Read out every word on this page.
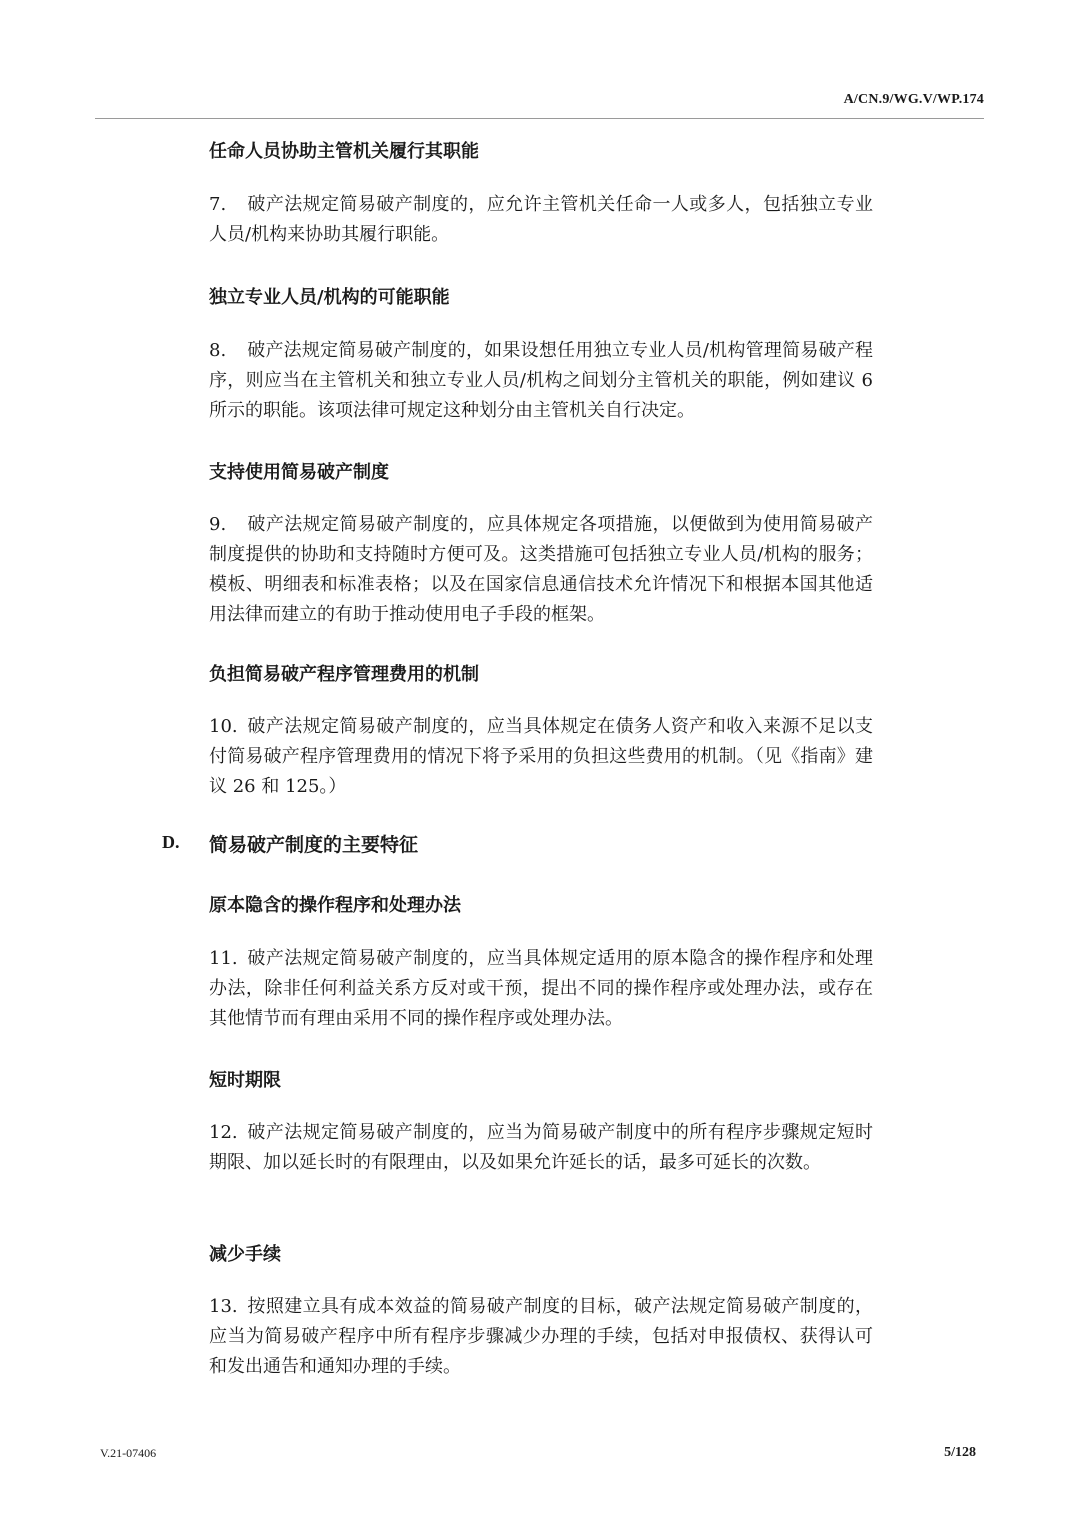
A/CN.9/WG.V/WP.174
任命人员协助主管机关履行其职能
7. 破产法规定简易破产制度的，应允许主管机关任命一人或多人，包括独立专业人员/机构来协助其履行职能。
独立专业人员/机构的可能职能
8. 破产法规定简易破产制度的，如果设想任用独立专业人员/机构管理简易破产程序，则应当在主管机关和独立专业人员/机构之间划分主管机关的职能，例如建议 6 所示的职能。该项法律可规定这种划分由主管机关自行决定。
支持使用简易破产制度
9. 破产法规定简易破产制度的，应具体规定各项措施，以便做到为使用简易破产制度提供的协助和支持随时方便可及。这类措施可包括独立专业人员/机构的服务；模板、明细表和标准表格；以及在国家信息通信技术允许情况下和根据本国其他适用法律而建立的有助于推动使用电子手段的框架。
负担简易破产程序管理费用的机制
10. 破产法规定简易破产制度的，应当具体规定在债务人资产和收入来源不足以支付简易破产程序管理费用的情况下将予采用的负担这些费用的机制。（见《指南》建议 26 和 125。）
D. 简易破产制度的主要特征
原本隐含的操作程序和处理办法
11. 破产法规定简易破产制度的，应当具体规定适用的原本隐含的操作程序和处理办法，除非任何利益关系方反对或干预，提出不同的操作程序或处理办法，或存在其他情节而有理由采用不同的操作程序或处理办法。
短时期限
12. 破产法规定简易破产制度的，应当为简易破产制度中的所有程序步骤规定短时期限、加以延长时的有限理由，以及如果允许延长的话，最多可延长的次数。
减少手续
13. 按照建立具有成本效益的简易破产制度的目标，破产法规定简易破产制度的，应当为简易破产程序中所有程序步骤减少办理的手续，包括对申报债权、获得认可和发出通告和通知办理的手续。
V.21-07406	5/128
